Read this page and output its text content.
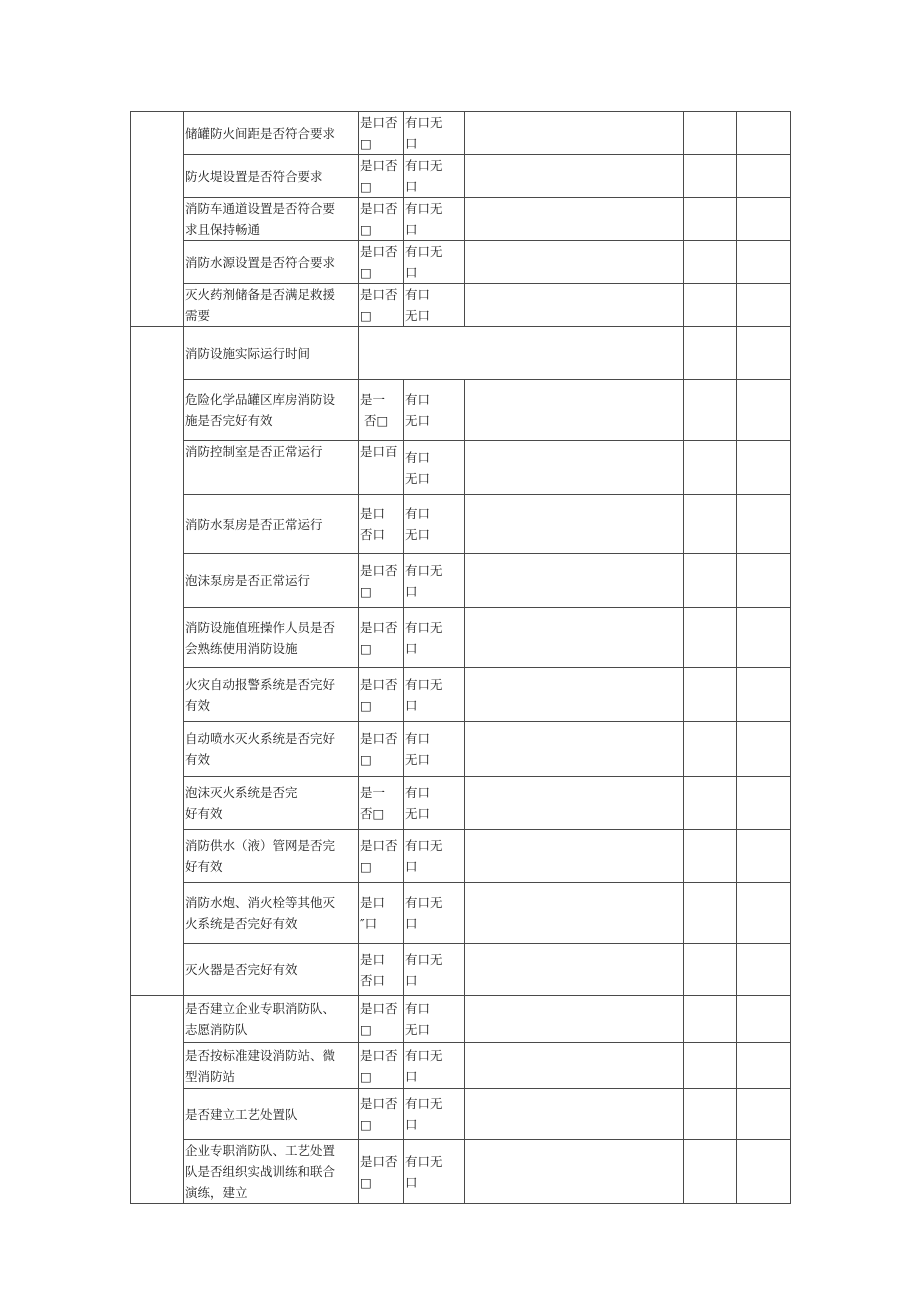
	储罐防火间距是否符合要求	是口否
□	有口无
口			

	防火堤设置是否符合要求	是口否
□	有口无
口			

	消防车通道设置是否符合要
求且保持畅通	是口否
□	有口无
口			

	消防水源设置是否符合要求	是口否
□	有口无
口			

	灭火药剂储备是否满足救援
需要	是口否
□	有口
无口			

	消防设施实际运行时间					

	危险化学品罐区库房消防设
施是否完好有效	是一
否□	有口
无口			

	消防控制室是否正常运行	是口百	有口
无口			

	消防水泵房是否正常运行	是口
否口	有口
无口			

	泡沫泵房是否正常运行	是口否
□	有口无
口			

	消防设施值班操作人员是否
会熟练使用消防设施	是口否
□	有口无
口			

	火灾自动报警系统是否完好
有效	是口否
□	有口无
口			

	自动喷水灭火系统是否完好
有效	是口否
□	有口
无口			

	泡沫灭火系统是否完
好有效	是一
否□	有口
无口			

	消防供水（液）管网是否完
好有效	是口否
□	有口无
口			

	消防水炮、消火栓等其他灭
火系统是否完好有效	是口
″口	有口无
口			

	灭火器是否完好有效	是口
否口	有口无
口			

	是否建立企业专职消防队、
志愿消防队	是口否
□	有口
无口			

	是否按标准建设消防站、微
型消防站	是口否
□	有口无
口			

	是否建立工艺处置队	是口否
□	有口无
口			

	企业专职消防队、工艺处置
队是否组织实战训练和联合
演练，建立	是口否
□	有口无
口			
